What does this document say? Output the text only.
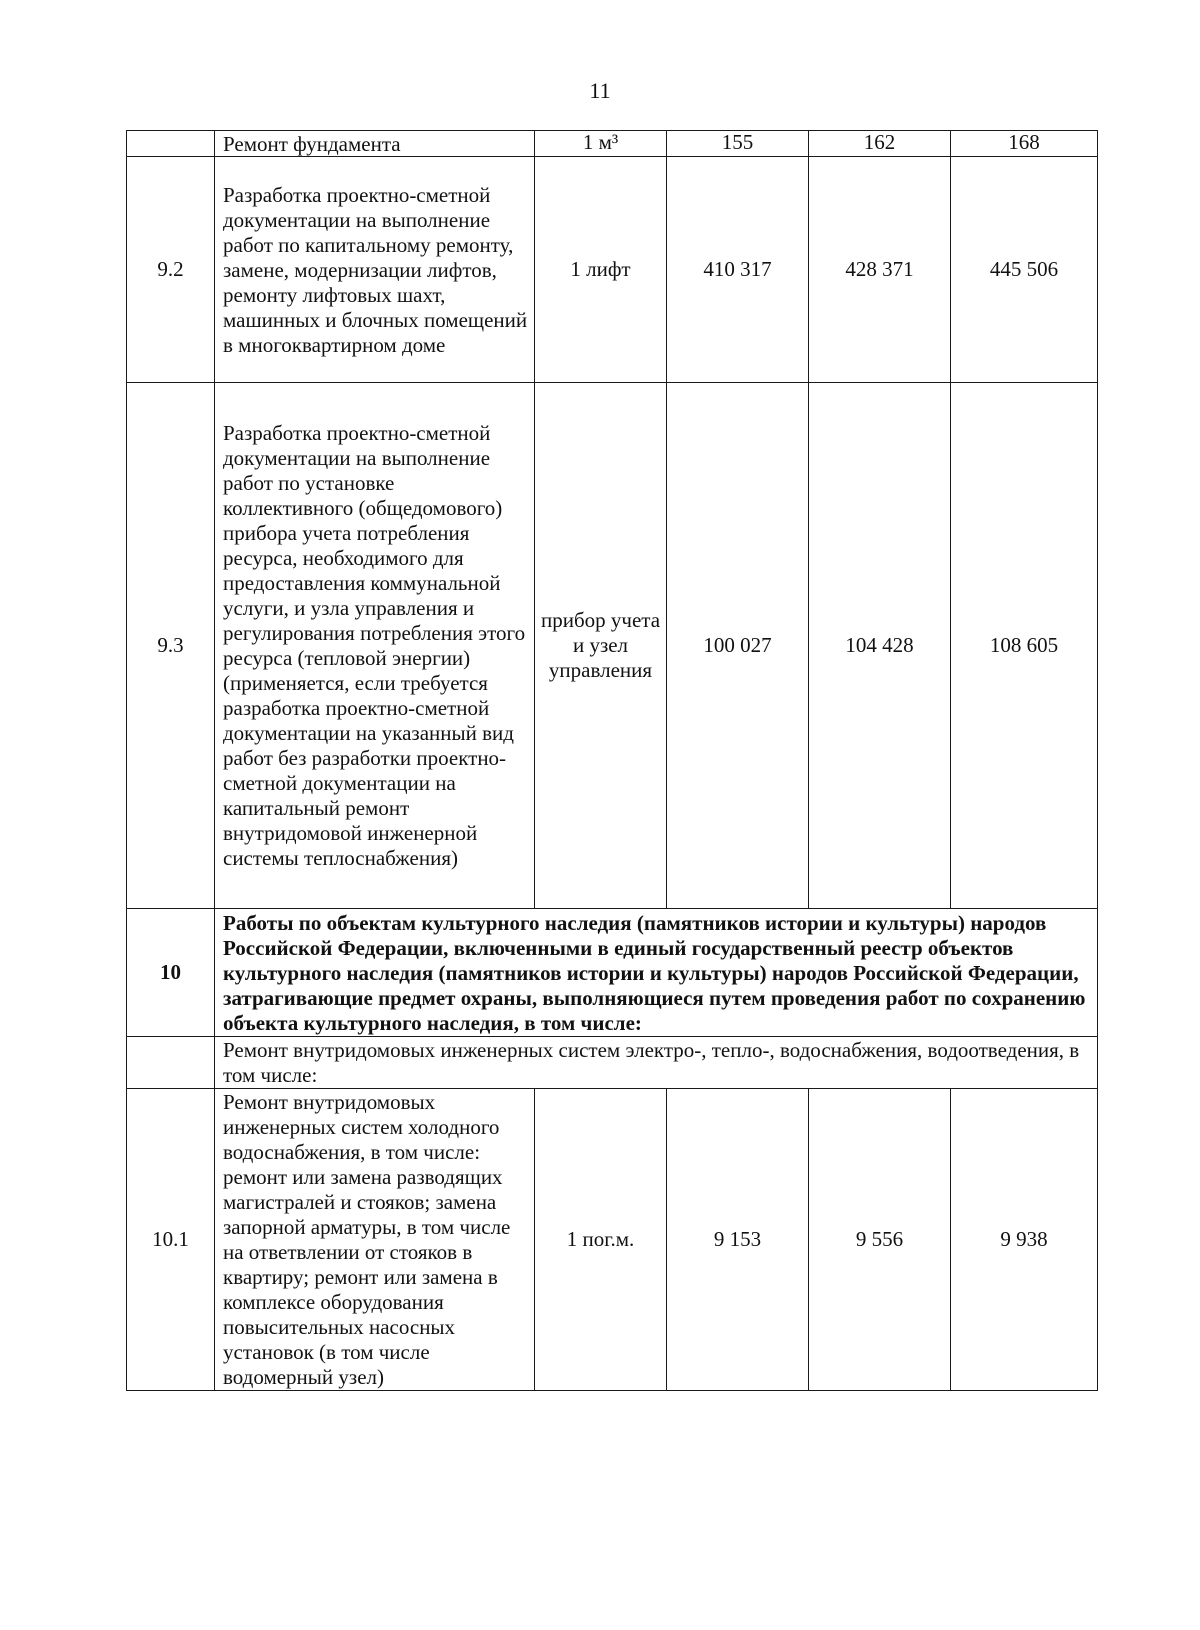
11
	Ремонт фундамента	1 м³	155	162	168
9.2	Разработка проектно-сметной документации на выполнение работ по капитальному ремонту, замене, модернизации лифтов, ремонту лифтовых шахт, машинных и блочных помещений в многоквартирном доме	1 лифт	410 317	428 371	445 506
9.3	Разработка проектно-сметной документации на выполнение работ по установке коллективного (общедомового) прибора учета потребления ресурса, необходимого для предоставления коммунальной услуги, и узла управления и регулирования потребления этого ресурса (тепловой энергии) (применяется, если требуется разработка проектно-сметной документации на указанный вид работ без разработки проектно-сметной документации на капитальный ремонт внутридомовой инженерной системы теплоснабжения)	прибор учета и узел управления	100 027	104 428	108 605
10	Работы по объектам культурного наследия (памятников истории и культуры) народов Российской Федерации, включенными в единый государственный реестр объектов культурного наследия (памятников истории и культуры) народов Российской Федерации, затрагивающие предмет охраны, выполняющиеся путем проведения работ по сохранению объекта культурного наследия, в том числе:				
	Ремонт внутридомовых инженерных систем электро-, тепло-, водоснабжения, водоотведения, в том числе:				
10.1	Ремонт внутридомовых инженерных систем холодного водоснабжения, в том числе: ремонт или замена разводящих магистралей и стояков; замена запорной арматуры, в том числе на ответвлении от стояков в квартиру; ремонт или замена в комплексе оборудования повысительных насосных установок (в том числе водомерный узел)	1 пог.м.	9 153	9 556	9 938
